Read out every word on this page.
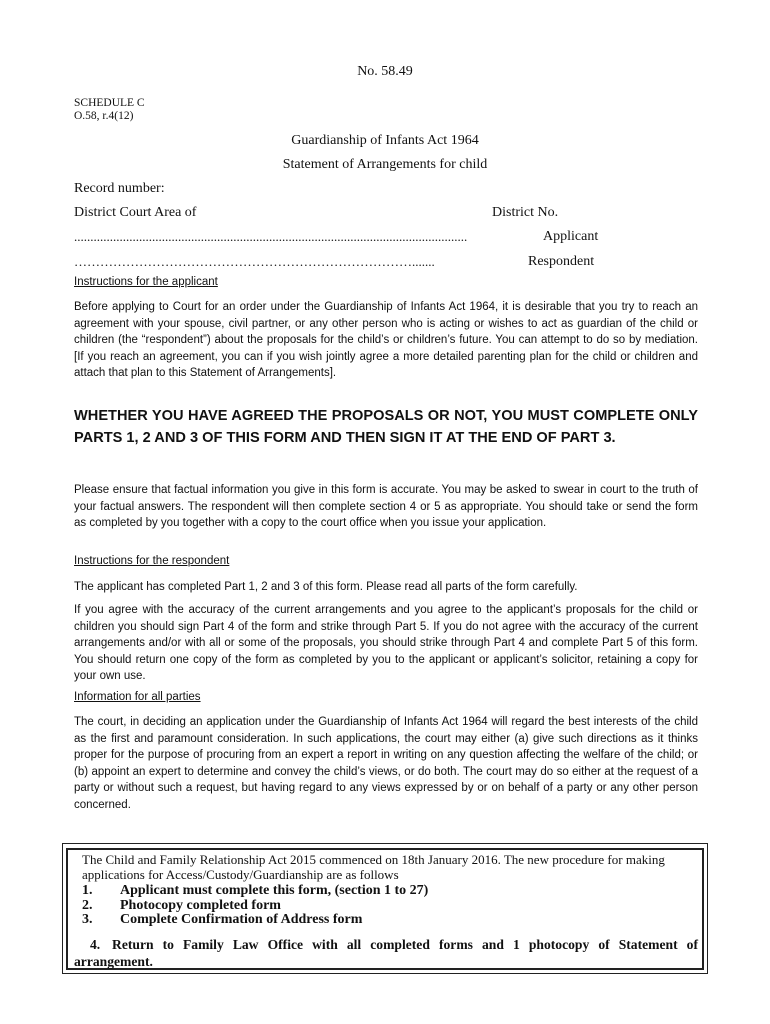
No. 58.49
SCHEDULE C
O.58, r.4(12)
Guardianship of Infants Act 1964
Statement of Arrangements for child
Record number:
District Court Area of	District No.
.........................................................................................................................	Applicant
…………………………………………………………………….......	Respondent
Instructions for the applicant
Before applying to Court for an order under the Guardianship of Infants Act 1964, it is desirable that you try to reach an agreement with your spouse, civil partner, or any other person who is acting or wishes to act as guardian of the child or children (the “respondent”) about the proposals for the child’s or children’s future. You can attempt to do so by mediation. [If you reach an agreement, you can if you wish jointly agree a more detailed parenting plan for the child or children and attach that plan to this Statement of Arrangements].
WHETHER YOU HAVE AGREED THE PROPOSALS OR NOT, YOU MUST COMPLETE ONLY PARTS 1, 2 AND 3 OF THIS FORM AND THEN SIGN IT AT THE END OF PART 3.
Please ensure that factual information you give in this form is accurate. You may be asked to swear in court to the truth of your factual answers. The respondent will then complete section 4 or 5 as appropriate. You should take or send the form as completed by you together with a copy to the court office when you issue your application.
Instructions for the respondent
The applicant has completed Part 1, 2 and 3 of this form. Please read all parts of the form carefully.
If you agree with the accuracy of the current arrangements and you agree to the applicant’s proposals for the child or children you should sign Part 4 of the form and strike through Part 5. If you do not agree with the accuracy of the current arrangements and/or with all or some of the proposals, you should strike through Part 4 and complete Part 5 of this form. You should return one copy of the form as completed by you to the applicant or applicant’s solicitor, retaining a copy for your own use.
Information for all parties
The court, in deciding an application under the Guardianship of Infants Act 1964 will regard the best interests of the child as the first and paramount consideration. In such applications, the court may either (a) give such directions as it thinks proper for the purpose of procuring from an expert a report in writing on any question affecting the welfare of the child; or (b) appoint an expert to determine and convey the child’s views, or do both. The court may do so either at the request of a party or without such a request, but having regard to any views expressed by or on behalf of a party or any other person concerned.
The Child and Family Relationship Act 2015 commenced on 18th January 2016. The new procedure for making applications for Access/Custody/Guardianship are as follows
1. Applicant must complete this form, (section 1 to 27)
2. Photocopy completed form
3. Complete Confirmation of Address form
4. Return to Family Law Office with all completed forms and 1 photocopy of Statement of arrangement.
